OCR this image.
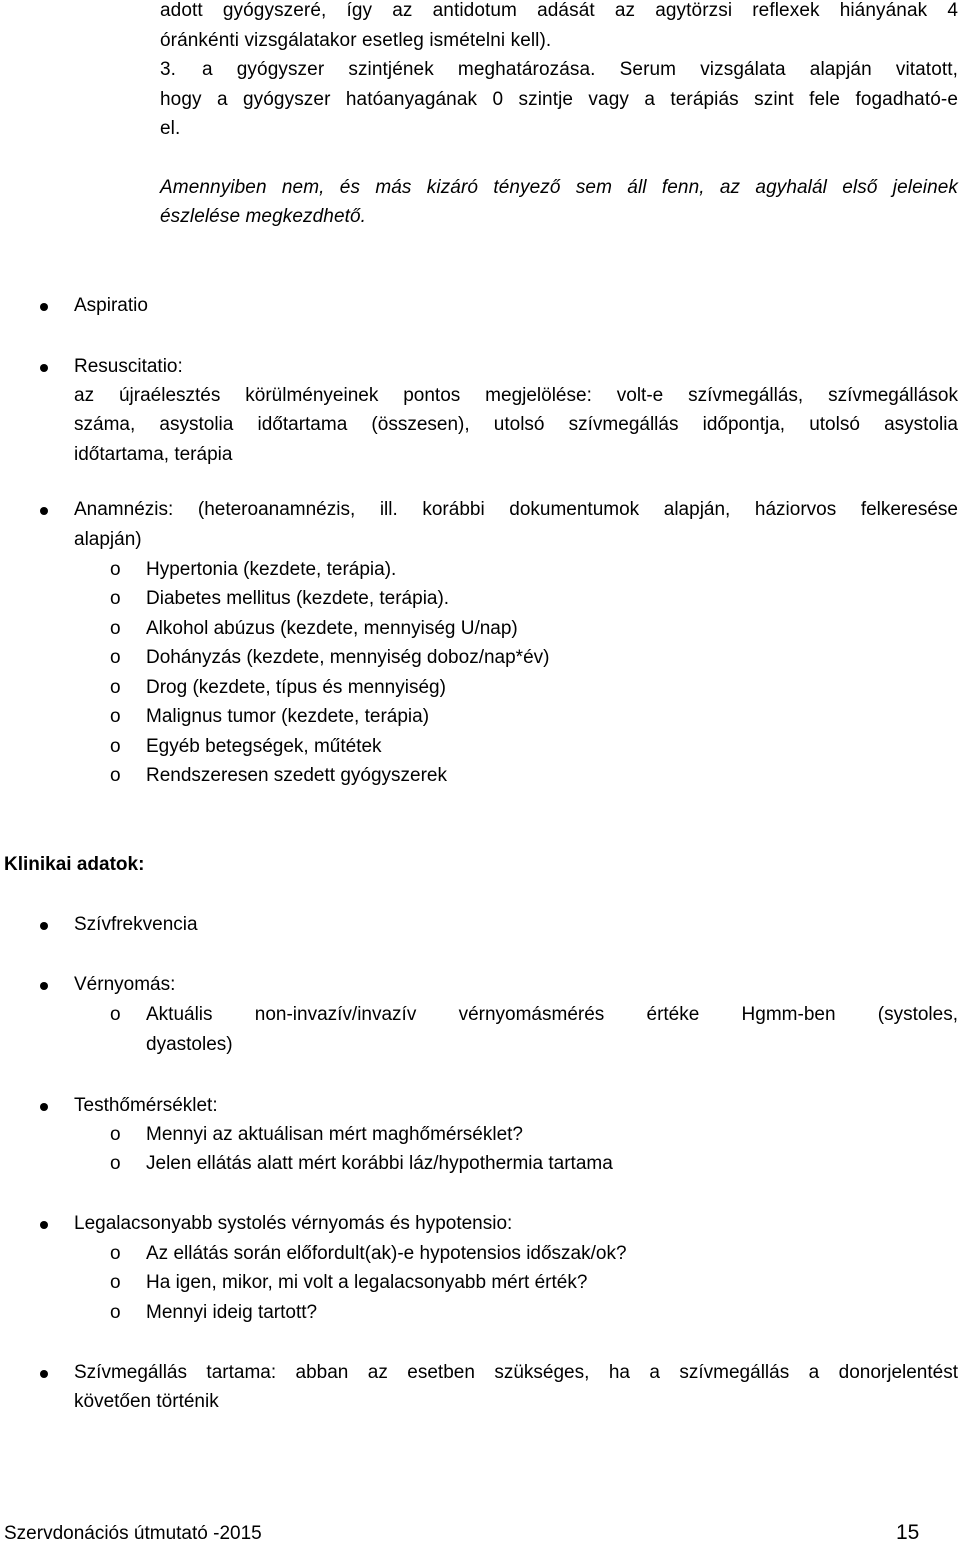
adott gyógyszeré, így az antidotum adását az agytörzsi reflexek hiányának 4
óránkénti vizsgálatakor esetleg ismételni kell).
3. a gyógyszer szintjének meghatározása. Serum vizsgálata alapján vitatott,
hogy a gyógyszer hatóanyagának 0 szintje vagy a terápiás szint fele fogadható-e
el.
Amennyiben nem, és más kizáró tényező sem áll fenn, az agyhalál első jeleinek
észlelése megkezdhető.
Aspiratio
Resuscitatio:
az újraélesztés körülményeinek pontos megjelölése: volt-e szívmegállás, szívmegállások
száma, asystolia időtartama (összesen), utolsó szívmegállás időpontja, utolsó asystolia
időtartama, terápia
Anamnézis: (heteroanamnézis, ill. korábbi dokumentumok alapján, háziorvos felkeresése
alapján)
o Hypertonia (kezdete, terápia).
o Diabetes mellitus (kezdete, terápia).
o Alkohol abúzus (kezdete, mennyiség U/nap)
o Dohányzás (kezdete, mennyiség doboz/nap*év)
o Drog (kezdete, típus és mennyiség)
o Malignus tumor (kezdete, terápia)
o Egyéb betegségek, műtétek
o Rendszeresen szedett gyógyszerek
Klinikai adatok:
Szívfrekvencia
Vérnyomás:
o Aktuális non-invazív/invazív vérnyomásmérés értéke Hgmm-ben (systoles,
dyastoles)
Testhőmérséklet:
o Mennyi az aktuálisan mért maghőmérséklet?
o Jelen ellátás alatt mért korábbi láz/hypothermia tartama
Legalacsonyabb systolés vérnyomás és hypotensio:
o Az ellátás során előfordult(ak)-e hypotensios időszak/ok?
o Ha igen, mikor, mi volt a legalacsonyabb mért érték?
o Mennyi ideig tartott?
Szívmegállás tartama: abban az esetben szükséges, ha a szívmegállás a donorjelentést
követően történik
Szervdonációs útmutató -2015	15
